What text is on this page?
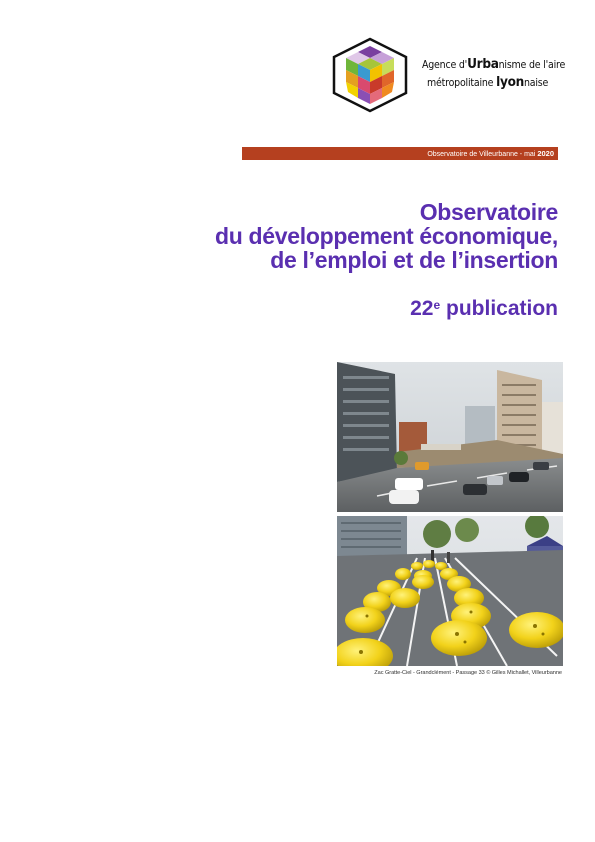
Agence d'Urbanisme de l'aire
métropolitaine lyonnaise
Observatoire de Villeurbanne - mai 2020
Observatoire
du développement économique,
de l’emploi et de l’insertion
22e publication
Zac Gratte-Ciel - Grandclément - Passage 33 © Gilles Michallet, Villeurbanne
